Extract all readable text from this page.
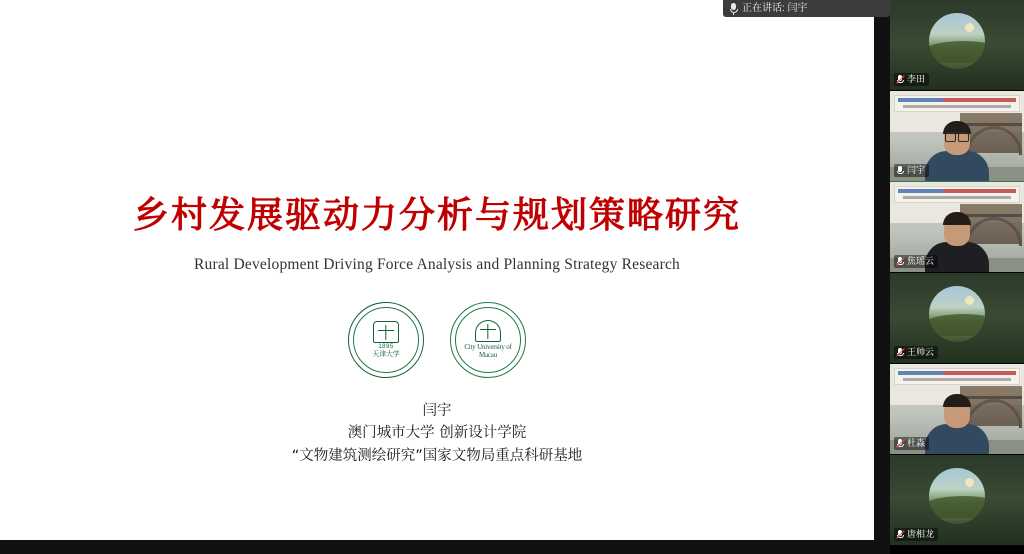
乡村发展驱动力分析与规划策略研究
Rural Development Driving Force Analysis and Planning Strategy Research
1895
天津大学
City University of Macau
闫宇
澳门城市大学 创新设计学院
“文物建筑测绘研究”国家文物局重点科研基地
正在讲话: 闫宇
李田
闫宇
焦瑶云
王帅云
杜淼
唐相龙
